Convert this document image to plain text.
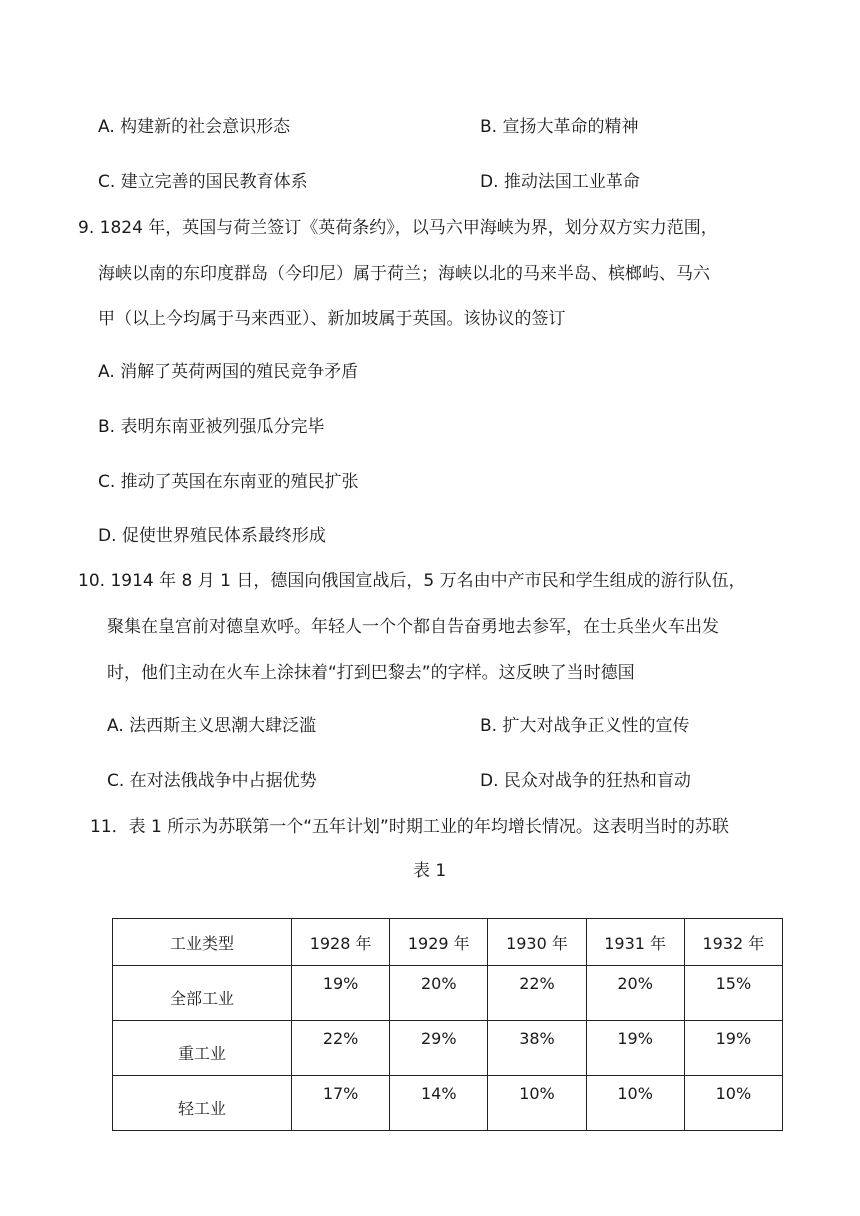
A. 构建新的社会意识形态	B. 宣扬大革命的精神
C. 建立完善的国民教育体系	D. 推动法国工业革命
9. 1824 年，英国与荷兰签订《英荷条约》，以马六甲海峡为界，划分双方实力范围，
海峡以南的东印度群岛（今印尼）属于荷兰；海峡以北的马来半岛、槟榔屿、马六
甲（以上今均属于马来西亚）、新加坡属于英国。该协议的签订
A. 消解了英荷两国的殖民竞争矛盾
B. 表明东南亚被列强瓜分完毕
C. 推动了英国在东南亚的殖民扩张
D. 促使世界殖民体系最终形成
10. 1914 年 8 月 1 日，德国向俄国宣战后，5 万名由中产市民和学生组成的游行队伍，
聚集在皇宫前对德皇欢呼。年轻人一个个都自告奋勇地去参军，在士兵坐火车出发
时，他们主动在火车上涂抹着“打到巴黎去”的字样。这反映了当时德国
A. 法西斯主义思潮大肆泛滥	B. 扩大对战争正义性的宣传
C. 在对法俄战争中占据优势	D. 民众对战争的狂热和盲动
11．表 1 所示为苏联第一个“五年计划”时期工业的年均增长情况。这表明当时的苏联
表 1
工业类型	1928 年	1929 年	1930 年	1931 年	1932 年
全部工业	19%	20%	22%	20%	15%
重工业	22%	29%	38%	19%	19%
轻工业	17%	14%	10%	10%	10%
